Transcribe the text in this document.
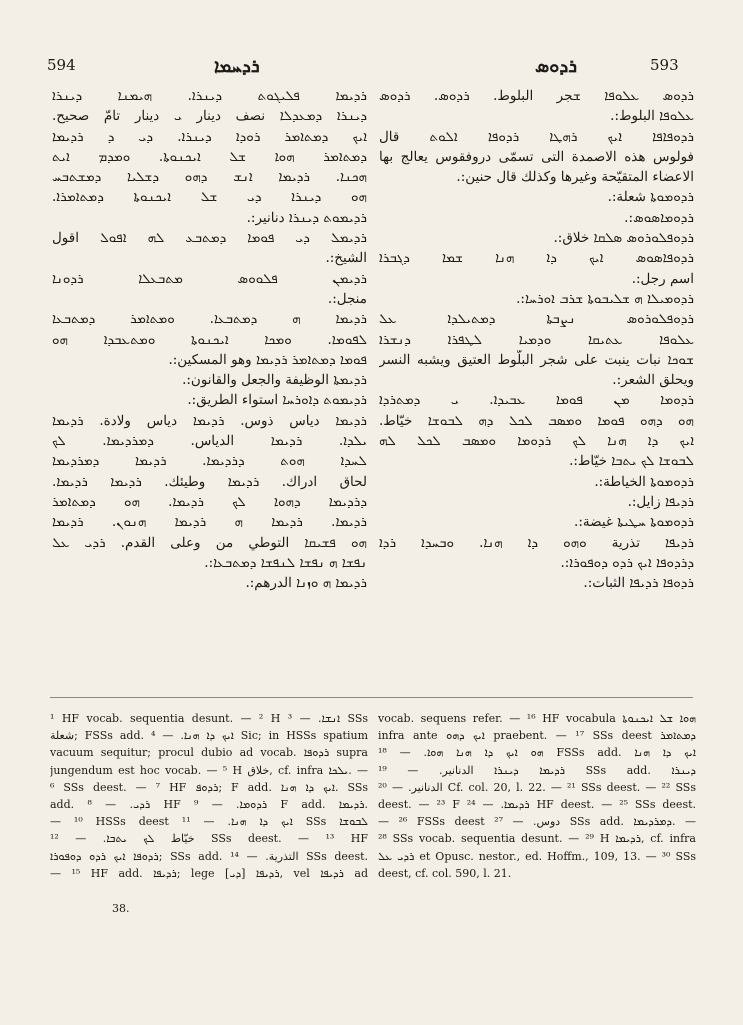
594	ܪܕܚܡܐ	ܪܕܘܣ	593
ܪܕܘܣ ܥܠܘܦܐ ܫجر البلوط. ܪܕܘܣ. ܪܕܘܣ
ܥܠܘܦܐ البلوط:.
ܪܕܘܦܐܦܐ ܐܝܟ ܪܗܛܐ ܪܕܘܦܐ ܐܠܘܬ قال
فولوس هذه الاصمدة التى تسمّى دروفقوس يعالج بها
الاعضاء المتقيّحة وغيرها وكذلك قال حنين:.
ܪܕܘܡܘܬܐ شعلة:.
ܪܕܘܡܐܣܘܣ:.
ܪܕܘܦܠܘܪܘܣ ܣܠܩܐ خلاق:.
ܪܕܘܦܐܣܘܣ ܐܝܟ ܕܐ ܗܢܐ ܫܡܐ ܕܓܒܪܐ
اسم رجل:.
ܪܕܘܡܝܠܐ ܗ ܫܠܝܒܘܬܐ ܫܪܒ ܐܘܪܚܐ:.
ܪܕܘܦܠܘܪܘܣ ܢܨܒܬܐ ܕܡܬܝܠܕܐ ܥܠ
ܥܠܘܦܐ ܥܬܝܩܐ ܘܕܡܝܐ ܠܛܦܪܐ ܕܢܫܪܐ
ܫܘܟܐ نبات ينبت على شجر البلّوط العتيق ويشبه النسر
ويحلق الشعر:.
ܪܕܘܡܐ ܡܢ ܦܘܡܐ ܥܒܝܕܐ. ܝ ܕܡܬܪܕܐ
ܗܘ ܕܗܘ ܦܘܡܐ ܘܡܣܒ ܠܟܠ ܕܗ ܠܒܘܫܐ خيّاط.
ܐܝܟ ܕܐ ܗܢܐ ܠܟ ܪܕܘܡܐ ܘܡܣܒ ܠܟܠ ܠܗ
ܠܒܘܫܐ ܠܟ ܝܬܒܐ خيّاط:.
ܪܕܘܡܘܬܐ الخياطة:.
ܪܕܝܦܐ زايل:.
ܪܕܘܡܘܬܐ ܚܛܝܬܐ غيضة:.
ܪܕܝܦܐ تذرية ܘܗܘ ܕܐ ܗܢܐ. ܘܒܚܕܐ ܪܕܐ
ܕܪܕܘܦܐ ܐܝܟ ܪܕܘ ܕܘܦܘܪܐ:.
ܪܕܘܦܐ ܪܕܝܦܐ الثبات:.
ܪܕܝܡܐ ܦܠܝܓܘܬ ܕܝܢܪܐ. ܗܝܡܢܐ ܕܝܢܪܐ
ܕܝܢܪܐ ܕܡܥܕܠܐ نصف دينار ܝ دينار تامّ صحيح.
ܐܝܟ ܕܡܬܐܡܪ ܪܘܕܐ ܕܝܢܪܐ. ܕܝ ܕ ܪܕܝܡܐ
ܕܡܬܐܡܪ ܗܘܐ ܫܠ ܐܝܟܢܘܬܐ. ܘܡܕܡ ܐܝܬ
ܗܟܢܐ. ܪܕܝܡܐ ܐܢܫ ܕܗܘ ܕܫܠܝܐ ܕܡܫܬܒܚ
ܗܘ ܕܝܢܪܐ ܕܝ ܫܠ ܐܝܟܢܘܬܐ ܕܡܬܐܡܪܐ.
ܪܕܝܡܘܬ ܕܝܢܪܐ دنانير:.
ܪܕܝܡܠ ܕܝ ܦܘܡܐ ܕܡܬܒܥ ܠܗ ܐܦܘܠ اقول
الشيخ:.
ܪܕܝܡܢ ܦܠܘܘܣ ܡܬܒܥܠܐ ܪܕܘܢܐ
منجل:.
ܪܕܝܡܐ ܗ ܕܡܬܒܥܐ. ܘܡܬܐܡܪ ܕܡܬܒܥܐ
ܠܦܘܡܐ. ܘܡܟܐ ܐܝܟܢܘܬܐ ܘܡܬܥܒܕܐ ܗܘ
ܦܘܡܐ ܕܡܬܐܡܪ ܪܕܝܡܐ وهو المسكين:.
ܪܕܝܡܬܐ الوظيفة والجعل والقانون:.
ܪܕܝܡܘܬ ܕܐܘܪܚܐ استواء الطريق:.
ܪܕܝܡܐ دياس ذوس. ܪܕܝܡܐ دياس ولادة. ܪܕܝܡܐ
ܝܠܕܐ. ܪܕܝܡܐ الدياس. ܕܡܪܕܝܡܐ. ܠܟ
ܠܚܕܐ ܗܘܬ ܕܪܕܝܡܐ. ܪܕܝܡܐ ܕܡܪܕܝܡܐ
لحاق ادراك. ܪܕܝܡܐ وطيئك. ܪܕܝܡܐ ܪܕܝܡܐ.
ܕܪܕܝܡܐ ܕܗܘܐ ܠܟ ܪܕܝܡܐ. ܗܘ ܕܡܬܐܡܪ
ܪܕܝܡܐ. ܪܕܝܡܐ ܗ ܪܕܝܡܐ ܗܢܘܢ. ܪܕܝܡܐ
ܗܘ ܦܫܝܩܐ التوطي من وعلى القدم. ܪܕܝ ܥܠ
ܢܦܫܐ ܗ ܢܦܫܐ ܠܢܦܫܐ ܕܡܬܒܥܐ:.
ܪܕܝܡܐ ܗ ܘܙܢܐ الدرهم:.
¹ HF vocab. sequentia desunt. — ² H ܐܢܫܐ. — ³ SSs
شعلة; FSSs add. ܐܝܟ ܕܐ ܗܢܐ. — ⁴ Sic; in HSSs spatium
vacuum sequitur; procul dubio ad vocab. ܪܕܘܦܐ supra
jungendum est hoc vocab. — ⁵ H خلاق, cf. infra ܝܠܟܐ. —
⁶ SSs deest. — ⁷ HF ܪܕܘܦ; F add. ܐܝܟ ܕܐ ܗܢܐ. SSs
add. ܪܕܝ. — ⁸ HF ܪܕܘܡܐ. — ⁹ F add. ܪܕܝܡܐ.
— ¹⁰ HSSs deest ܐܝܟ ܕܐ ܗܢܐ. — ¹¹ SSs ܠܒܘܫܐ
خيّاط ܠܟ ܝܬܒܐ. — ¹² SSs deest. — ¹³ HF
ܪܕܘܦܐ ܐܝܟ ܪܕܘ ܕܘܦܘܪܐ; SSs add. التذرية. — ¹⁴ SSs deest.
— ¹⁵ HF add. ܪܕܝܦܐ; lege ܪܕܝܦܐ [ܕܝ], vel ܪܕܝܦܐ ad
vocab. sequens refer. — ¹⁶ HF vocabula ܗܘܐ ܫܠ ܐܝܟܢܘܬܐ
infra ante ܐܝܟ ܕܗܘ praebent. — ¹⁷ SSs deest ܕܡܬܐܡܪ
ܗܘ ܐܝܟ ܕܐ ܗܢܐ ܗܘܐ. — ¹⁸ FSSs add. ܐܝܟ ܕܐ ܗܢܐ
ܪܕܝܡܐ ܕܝܢܪܐ الدنانير. — ¹⁹ SSs add. ܕܝܢܪܐ
الدنانير. — ²⁰ Cf. col. 20, l. 22. — ²¹ SSs deest. — ²² SSs
deest. — ²³ F ܪܕܝܡܐ. — ²⁴ HF deest. — ²⁵ SSs deest.
— ²⁶ FSSs deest دوس. — ²⁷ SSs add. ܕܡܪܕܝܡܐ. —
²⁸ SSs vocab. sequentia desunt. — ²⁹ H ܪܕܝܡܐ, cf. infra
ܪܕܝ ܥܠ et Opusc. nestor., ed. Hoffm., 109, 13. — ³⁰ SSs
deest, cf. col. 590, l. 21.
38.
